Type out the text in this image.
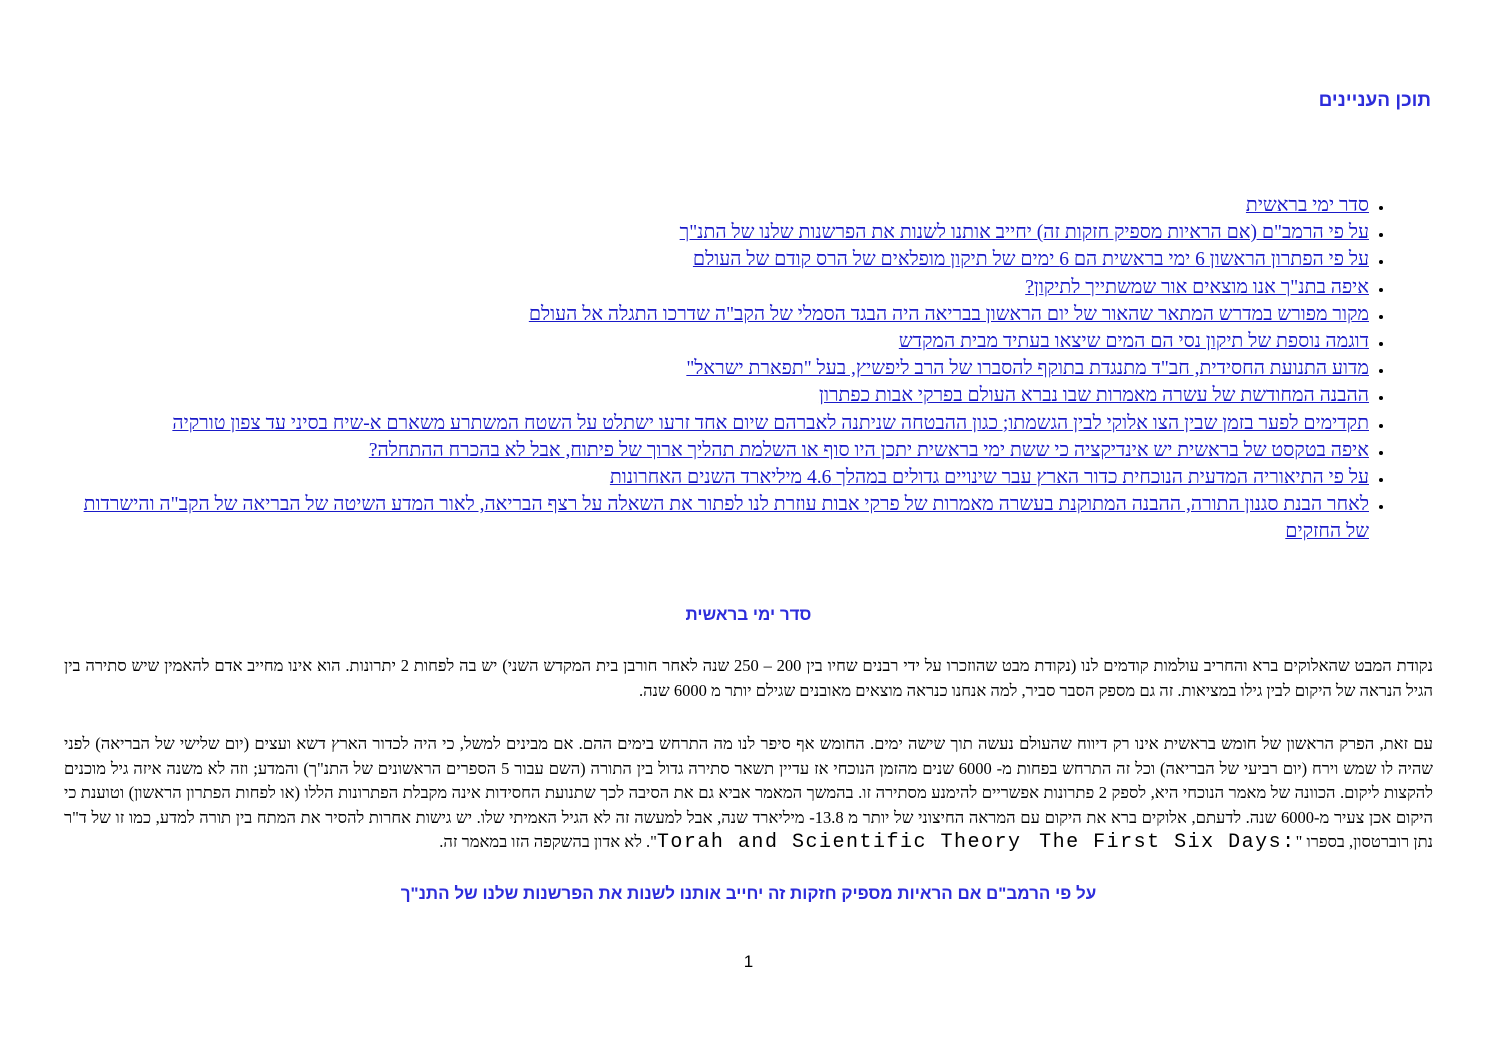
תוכן העניינים
• סדר ימי בראשית
• על פי הרמב"ם (אם הראיות מספיק חזקות זה) יחייב אותנו לשנות את הפרשנות שלנו של התנ"ך
• על פי הפתרון הראשון 6 ימי בראשית הם 6 ימים של תיקון מופלאים של הרס קודם של העולם
• איפה בתנ"ך אנו מוצאים אור שמשתייך לתיקון?
• מקור מפורש במדרש המתאר שהאור של יום הראשון בבריאה היה הבגד הסמלי של הקב"ה שדרכו התגלה אל העולם
• דוגמה נוספת של תיקון נסי הם המים שיצאו בעתיד מבית המקדש
• מדוע התנועת החסידית, חב"ד מתנגדת בתוקף להסברו של הרב ליפשיץ, בעל "תפארת ישראל"
• ההבנה המחודשת של עשרה מאמרות שבו נברא העולם בפרקי אבות כפתרון
• תקדימים לפער בזמן שבין הצו אלוקי לבין הגשמתו; כגון ההבטחה שניתנה לאברהם שיום אחד זרעו ישתלט על השטח המשתרע משארם א-שיח בסיני עד צפון טורקיה
• איפה בטקסט של בראשית יש אינדיקציה כי ששת ימי בראשית יתכן היו סוף או השלמת תהליך ארוך של פיתוח, אבל לא בהכרח ההתחלה?
• על פי התיאוריה המדעית הנוכחית כדור הארץ עבר שינויים גדולים במהלך 4.6 מיליארד השנים האחרונות
• לאחר הבנת סגנון התורה, ההבנה המתוקנת בעשרה מאמרות של פרקי אבות עוזרת לנו לפתור את השאלה על רצף הבריאה, לאור המדע השיטה של הבריאה של הקב"ה והישרדות של החזקים
סדר ימי בראשית

נקודת המבט שהאלוקים ברא והחריב עולמות קודמים לנו (נקודת מבט שהוזכרו על ידי רבנים שחיו בין 200 – 250 שנה לאחר חורבן בית המקדש השני) יש בה לפחות 2 יתרונות. הוא אינו מחייב אדם להאמין שיש סתירה בין הגיל הנראה של היקום לבין גילו במציאות. זה גם מספק הסבר סביר, למה אנחנו כנראה מוצאים מאובנים שגילם יותר מ 6000 שנה.

עם זאת, הפרק הראשון של חומש בראשית אינו רק דיווח שהעולם נעשה תוך שישה ימים. החומש אף סיפר לנו מה התרחש בימים ההם. אם מבינים למשל, כי היה לכדור הארץ דשא ועצים (יום שלישי של הבריאה) לפני שהיה לו שמש וירח (יום רביעי של הבריאה) וכל זה התרחש בפחות מ- 6000 שנים מהזמן הנוכחי אז עדיין תשאר סתירה גדול בין התורה (השם עבור 5 הספרים הראשונים של התנ"ך) והמדע; וזה לא משנה איזה גיל מוכנים להקצות ליקום. הכוונה של מאמר הנוכחי היא, לספק 2 פתרונות אפשריים להימנע מסתירה זו. בהמשך המאמר אביא גם את הסיבה לכך שתנועת החסידות אינה מקבלת הפתרונות הללו (או לפחות הפתרון הראשון) וטוענת כי היקום אכן צעיר מ-6000 שנה. לדעתם, אלוקים ברא את היקום עם המראה החיצוני של יותר מ 13.8- מיליארד שנה, אבל למעשה זה לא הגיל האמיתי שלו. יש גישות אחרות להסיר את המתח בין תורה למדע, כמו זו של ד"ר נתן רוברטסון, בספרו " The First Six Days: Torah and Scientific Theory". לא אדון בהשקפה הזו במאמר זה.

על פי הרמב"ם אם הראיות מספיק חזקות זה יחייב אותנו לשנות את הפרשנות שלנו של התנ"ך
1
